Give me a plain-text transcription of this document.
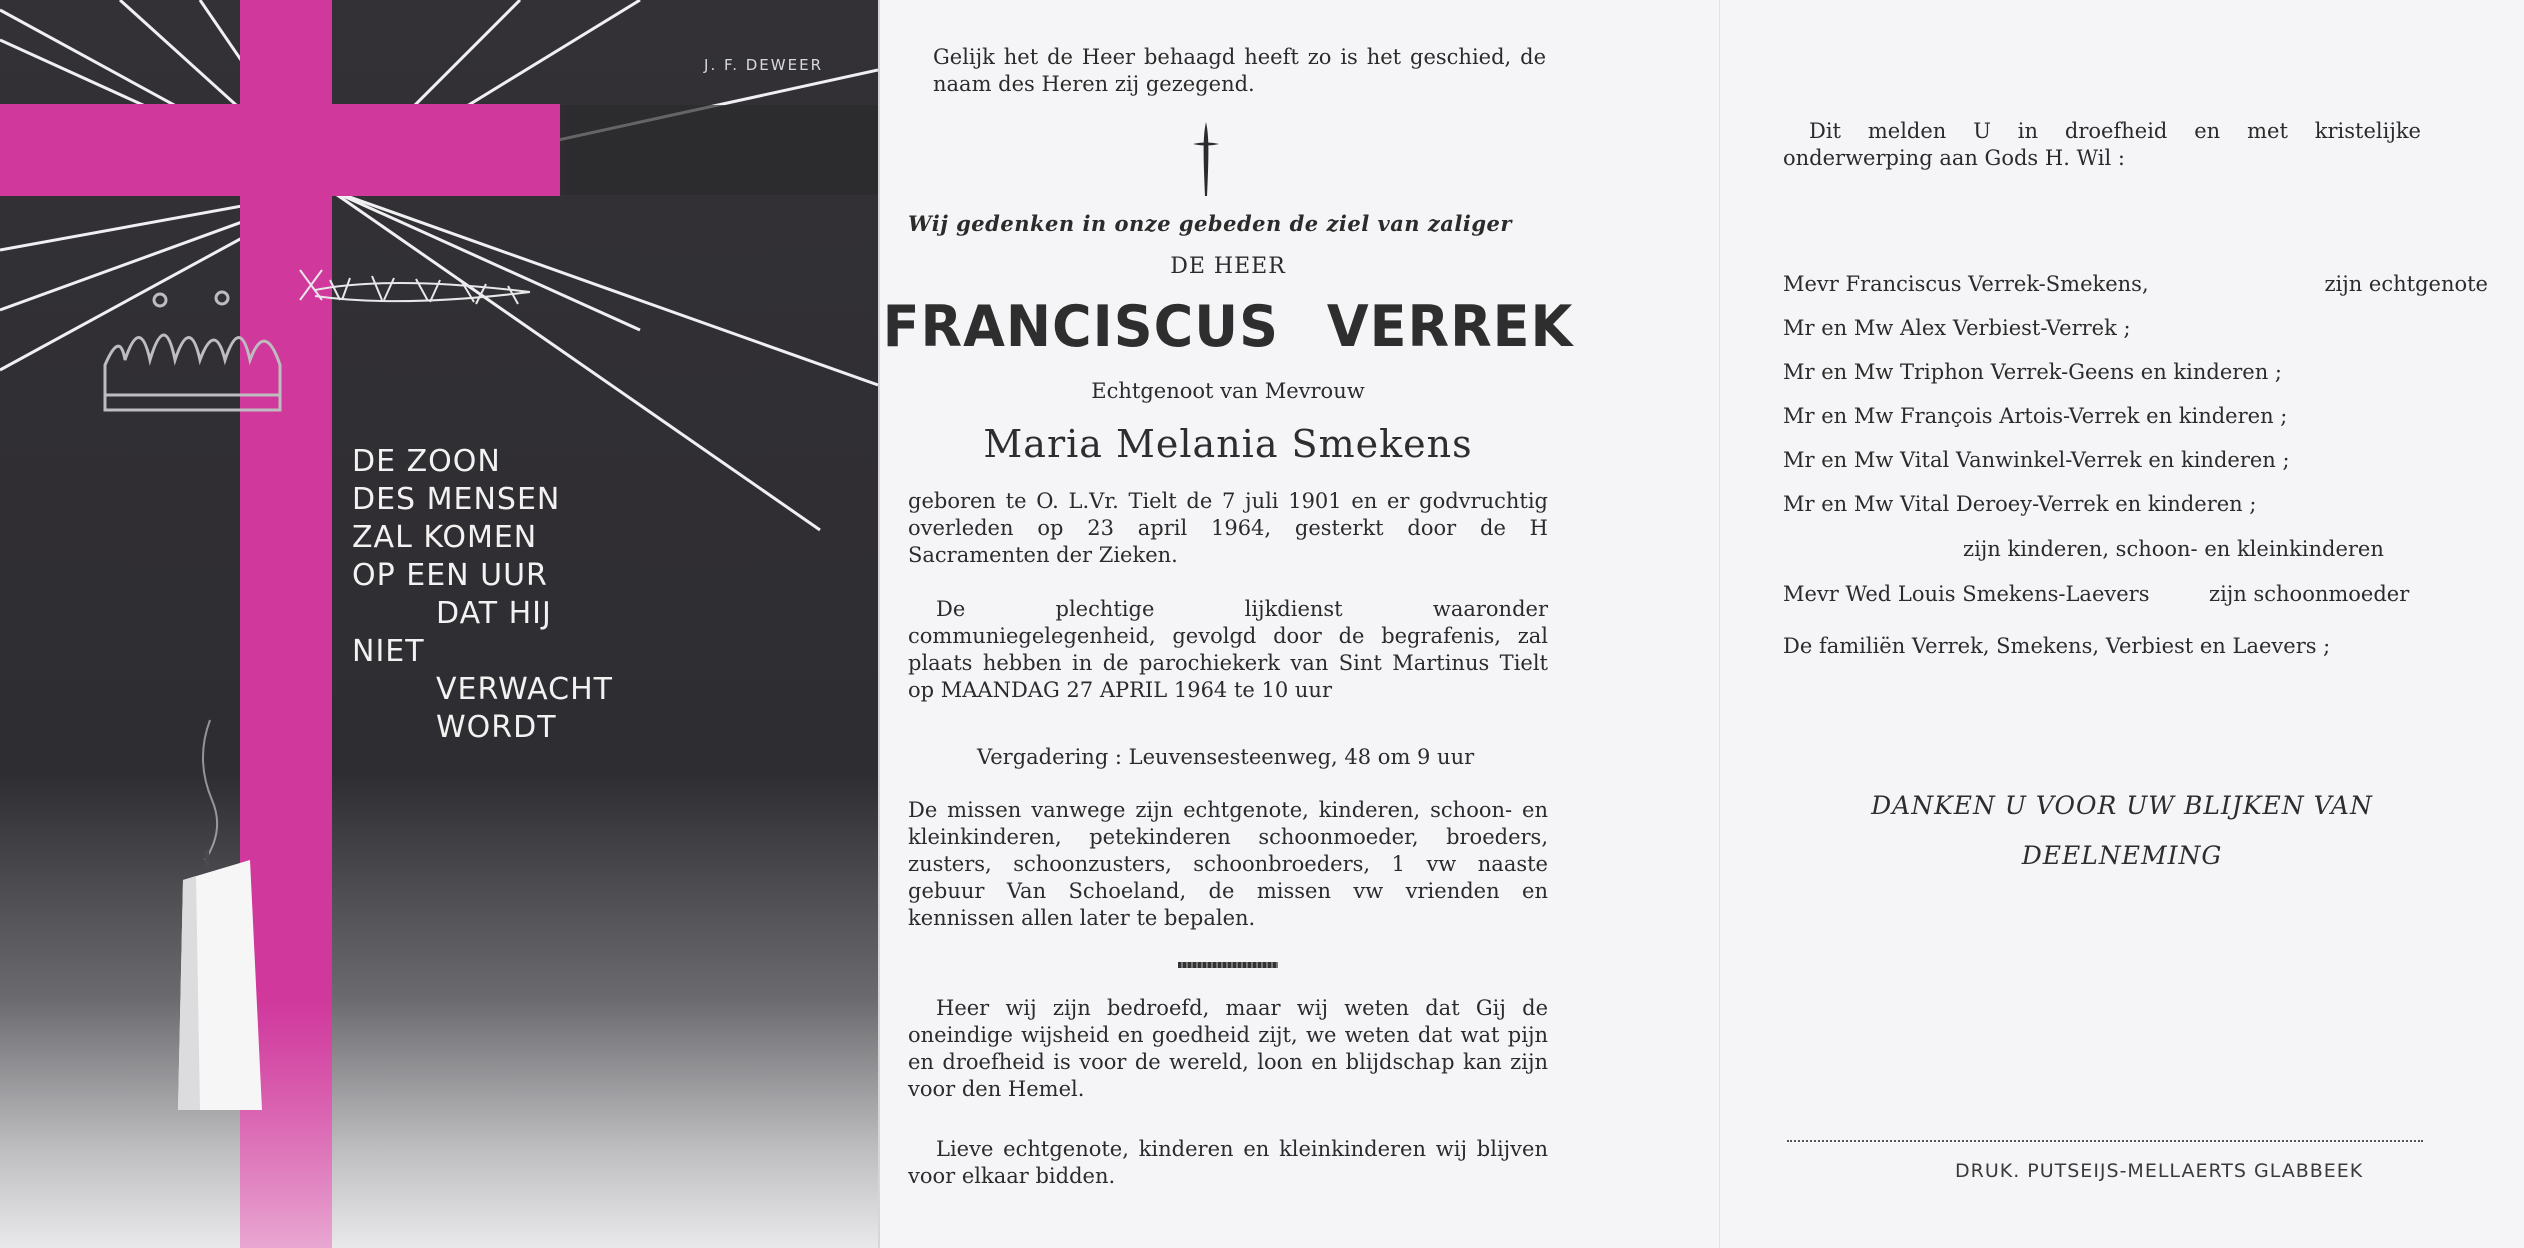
J. F. DEWEER
DE ZOON
DES MENSEN
ZAL KOMEN
OP EEN UUR
DAT HIJ
NIET
VERWACHT
WORDT
Gelijk het de Heer behaagd heeft zo is het geschied, de naam des Heren zij gezegend.
Wij gedenken in onze gebeden de ziel van zaliger
DE HEER
FRANCISCUS VERREK
Echtgenoot van Mevrouw
Maria Melania Smekens
geboren te O. L.Vr. Tielt de 7 juli 1901 en er godvruchtig overleden op 23 april 1964, gesterkt door de H Sacramenten der Zieken.
De plechtige lijkdienst waaronder communiegelegenheid, gevolgd door de begrafenis, zal plaats hebben in de parochiekerk van Sint Martinus Tielt op MAANDAG 27 APRIL 1964 te 10 uur
Vergadering : Leuvensesteenweg, 48 om 9 uur
De missen vanwege zijn echtgenote, kinderen, schoon- en kleinkinderen, petekinderen schoonmoeder, broeders, zusters, schoonzusters, schoonbroeders, 1 vw naaste gebuur Van Schoeland, de missen vw vrienden en kennissen allen later te bepalen.
Heer wij zijn bedroefd, maar wij weten dat Gij de oneindige wijsheid en goedheid zijt, we weten dat wat pijn en droefheid is voor de wereld, loon en blijdschap kan zijn voor den Hemel.
Lieve echtgenote, kinderen en kleinkinderen wij blijven voor elkaar bidden.
Dit melden U in droefheid en met kristelijke onderwerping aan Gods H. Wil :
Mevr Franciscus Verrek-Smekens,	zijn echtgenote
Mr en Mw Alex Verbiest-Verrek ;
Mr en Mw Triphon Verrek-Geens en kinderen ;
Mr en Mw François Artois-Verrek en kinderen ;
Mr en Mw Vital Vanwinkel-Verrek en kinderen ;
Mr en Mw Vital Deroey-Verrek en kinderen ;
zijn kinderen, schoon- en kleinkinderen
Mevr Wed Louis Smekens-Laevers	zijn schoonmoeder
De familiën Verrek, Smekens, Verbiest en Laevers ;
DANKEN U VOOR UW BLIJKEN VAN
DEELNEMING
DRUK. PUTSEIJS-MELLAERTS GLABBEEK
